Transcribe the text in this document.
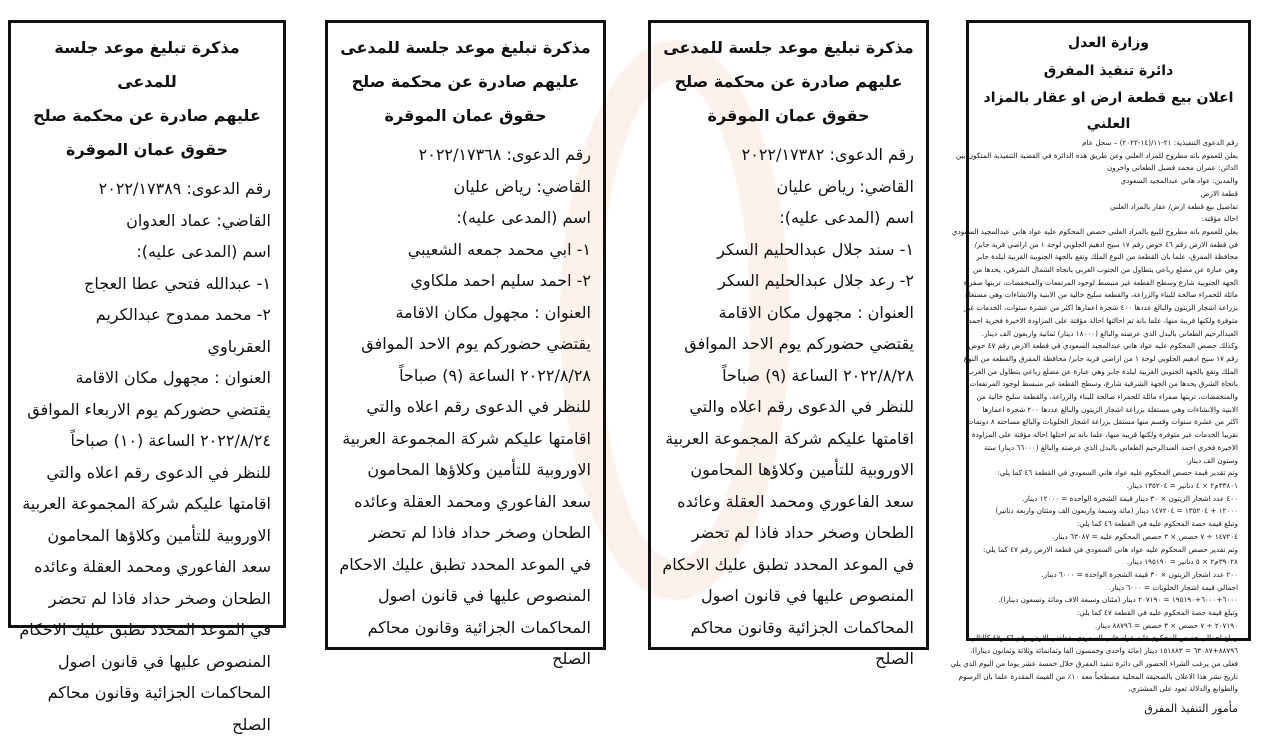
مذكرة تبليغ موعد جلسة للمدعى
عليهم صادرة عن محكمة صلح
حقوق عمان الموقرة
رقم الدعوى: ٢٠٢٢/١٧٣٨٩
القاضي: عماد العدوان
اسم (المدعى عليه):
١- عبدالله فتحي عطا العجاج
٢- محمد ممدوح عبدالكريم
العقرباوي
العنوان : مجهول مكان الاقامة
يقتضي حضوركم يوم الاربعاء الموافق
٢٠٢٢/٨/٢٤ الساعة (١٠) صباحاً
للنظر في الدعوى رقم اعلاه والتي
اقامتها عليكم شركة المجموعة العربية
الاوروبية للتأمين وكلاؤها المحامون
سعد الفاعوري ومحمد العقلة وعائده
الطحان وصخر حداد فاذا لم تحضر
في الموعد المحدد تطبق عليك الاحكام
المنصوص عليها في قانون اصول
المحاكمات الجزائية وقانون محاكم
الصلح
مذكرة تبليغ موعد جلسة للمدعى
عليهم صادرة عن محكمة صلح
حقوق عمان الموقرة
رقم الدعوى: ٢٠٢٢/١٧٣٦٨
القاضي: رياض عليان
اسم (المدعى عليه):
١- ابي محمد جمعه الشعيبي
٢- احمد سليم احمد ملكاوي
العنوان : مجهول مكان الاقامة
يقتضي حضوركم يوم الاحد الموافق
٢٠٢٢/٨/٢٨ الساعة (٩) صباحاً
للنظر في الدعوى رقم اعلاه والتي
اقامتها عليكم شركة المجموعة العربية
الاوروبية للتأمين وكلاؤها المحامون
سعد الفاعوري ومحمد العقلة وعائده
الطحان وصخر حداد فاذا لم تحضر
في الموعد المحدد تطبق عليك الاحكام
المنصوص عليها في قانون اصول
المحاكمات الجزائية وقانون محاكم
الصلح
مذكرة تبليغ موعد جلسة للمدعى
عليهم صادرة عن محكمة صلح
حقوق عمان الموقرة
رقم الدعوى: ٢٠٢٢/١٧٣٨٢
القاضي: رياض عليان
اسم (المدعى عليه):
١- سند جلال عبدالحليم السكر
٢- رعد جلال عبدالحليم السكر
العنوان : مجهول مكان الاقامة
يقتضي حضوركم يوم الاحد الموافق
٢٠٢٢/٨/٢٨ الساعة (٩) صباحاً
للنظر في الدعوى رقم اعلاه والتي
اقامتها عليكم شركة المجموعة العربية
الاوروبية للتأمين وكلاؤها المحامون
سعد الفاعوري ومحمد العقلة وعائده
الطحان وصخر حداد فاذا لم تحضر
في الموعد المحدد تطبق عليك الاحكام
المنصوص عليها في قانون اصول
المحاكمات الجزائية وقانون محاكم
الصلح
وزارة العدل
دائرة تنفيذ المفرق
اعلان بيع قطعة ارض او عقار بالمزاد العلني
رقم الدعوى التنفيذية: ٢١-١١/(١٤-٢٠٢٢) – سجل عام
يعلن للعموم بانه مطروح للمزاد العلني وعن طريق هذه الدائرة في القضية التنفيذية المتكون بين
الدائن: عمران محمد فضيل الطعاني واخرون
والمدين: عواد هاني عبدالمجيد السعودي
قطعة الارض
تفاصيل بيع قطعة ارض/ عقار بالمزاد العلني
احالة مؤقتة:
يعلن للعموم بانه مطروح للبيع بالمزاد العلني حصص المحكوم عليه عواد هاني عبدالمجيد السعودي
في قطعة الارض رقم ٤٦ حوض رقم ١٧ سيح ادهيم الجلوبي لوحة ١ من اراضي قرية جابر/
محافظة المفرق، علما بان القطعة من النوع الملك وتقع بالجهة الجنوبية الغربية لبلدة جابر
وهي عبارة عن مضلع رباعي يتطاول من الجنوب الغربي باتجاه الشمال الشرقي، يحدها من
الجهة الجنوبية شارع وسطح القطعة غير منبسط لوجود المرتفعات والمنخفضات، تربتها صفراء
مائلة للحمراء صالحة للبناء والزراعة، والقطعة سليخ خالية من الابنية والانشاءات وهي مستغلة
بزراعة اشجار الزيتون والبالغ عددها ٤٠٠ شجرة اعمارها اكثر من عشرة سنوات، الخدمات غير
متوفرة ولكنها قريبة منها، علما بانه تم احالتها احالة مؤقتة على المزاودة الاخيرة فخرية احمد
العبدالرحيم الطعاني بالبدل الذي عرضته والبالغ (١٨٠٠٠ دينار) ثمانية واربعون الف دينار.
وكذلك حصص المحكوم عليه عواد هاني عبدالمجيد السعودي في قطعة الارض رقم ٤٧ حوض
رقم ١٧ سيح ادهيم الجلوبي لوحة ١ من اراضي قرية جابر/ محافظة المفرق والقطعة من النوع
الملك وتقع بالجهة الجنوبي الغربية لبلدة جابر وهي عبارة عن مضلع رباعي يتطاول من الغرب
باتجاه الشرق يحدها من الجهة الشرقية شارع، وسطح القطعة غير منبسط لوجود المرتفعات
والمنخفضات، تربتها صفراء مائلة للحمراء صالحة للبناء والزراعة، والقطعة سليخ خالية من
الابنية والانشاءات وهي مستغلة بزراعة اشجار الزيتون والبالغ عددها ٢٠٠ شجرة اعمارها
اكثر من عشرة سنوات وقسم منها مستقل بزراعة اشجار الحلويات والبالغ مساحته ٨ دونمات
تقريبا الخدمات غير متوفرة ولكنها قريبة منها، علما بانه تم احتلها احالة مؤقتة على المزاودة
الاخيرة فخري احمد العبدالرحيم الطعاني بالبدل الذي عرضته والبالغ (٦٦٠٠٠ دينار) ستة
وستون الف دينار.
وتم تقدير قيمة حصص المحكوم عليه عواد هاني السعودي في القطعة ٤٦ كما يلي:
٣٣٨٠١م٢ × ٤ دنانير = ١٣٥٢٠٤ دينار.
٤٠٠ عدد اشجار الزيتون × ٣٠ دينار قيمة الشجرة الواحدة = ١٢٠٠٠ دينار.
١٢٠٠٠ + ١٣٥٢٠٤ = ١٤٧٢٠٤ دينار (مائة وسبعة واربعون الف ومئتان واربعة دنانير)
وتبلغ قيمة حصة المحكوم عليه في القطعة ٤٦ كما يلي:
١٤٧٢٠٤ ÷ ٧ حصص × ٣ حصص المحكوم عليه = ٦٣٠٨٧ دينار.
وتم تقدير حصص المحكوم عليه عواد هاني السعودي في قطعة الارض رقم ٤٧ كما يلي:
٣٩٠٢٨م٢ × ٥ دنانير = ١٩٥١٩٠ دينار.
٢٠٠ عدد اشجار الزيتون × ٣٠ قيمة الشجرة الواحدة = ٦٠٠٠ دينار.
اجمالي قيمة اشجار الحلويات = ٦٠٠٠ دينار.
٦٠٠٠+٦٠٠٠+١٩٥١٩٠ = ٢٠٧١٩٠ دينار (مئتان وسبعة الاف ومائة وتسعون دينارا).
وتبلغ قيمة حصة المحكوم عليه في القطعة ٤٧ كما يلي:
٢٠٧١٩٠ ÷ ٧ حصص × ٣ حصص = ٨٨٧٩٦ دينار.
ويبلغ اجمالي حصص المحكوم عليه عواد هاني السعودي بقطعتي الارض رقم ٤٦ و٤٧ كالتالي:
٨٨٧٩٦+٦٣٠٨٧ = ١٥١٨٨٣ دينار (مائة واحدى وخمسون الفا وثمانمائة وثلاثة وثمانون دينارا)،
فعلى من يرغب الشراء الحضور الى دائرة تنفيذ المفرق خلال خمسة عشر يوما من اليوم الذي يلي
تاريخ نشر هذا الاعلان بالصحيفة المحلية مصطحباً معه ١٠٪ من القيمة المقدرة علما بان الرسوم
والطوابع والدلالة تعود على المشتري.
مأمور التنفيذ المفرق
